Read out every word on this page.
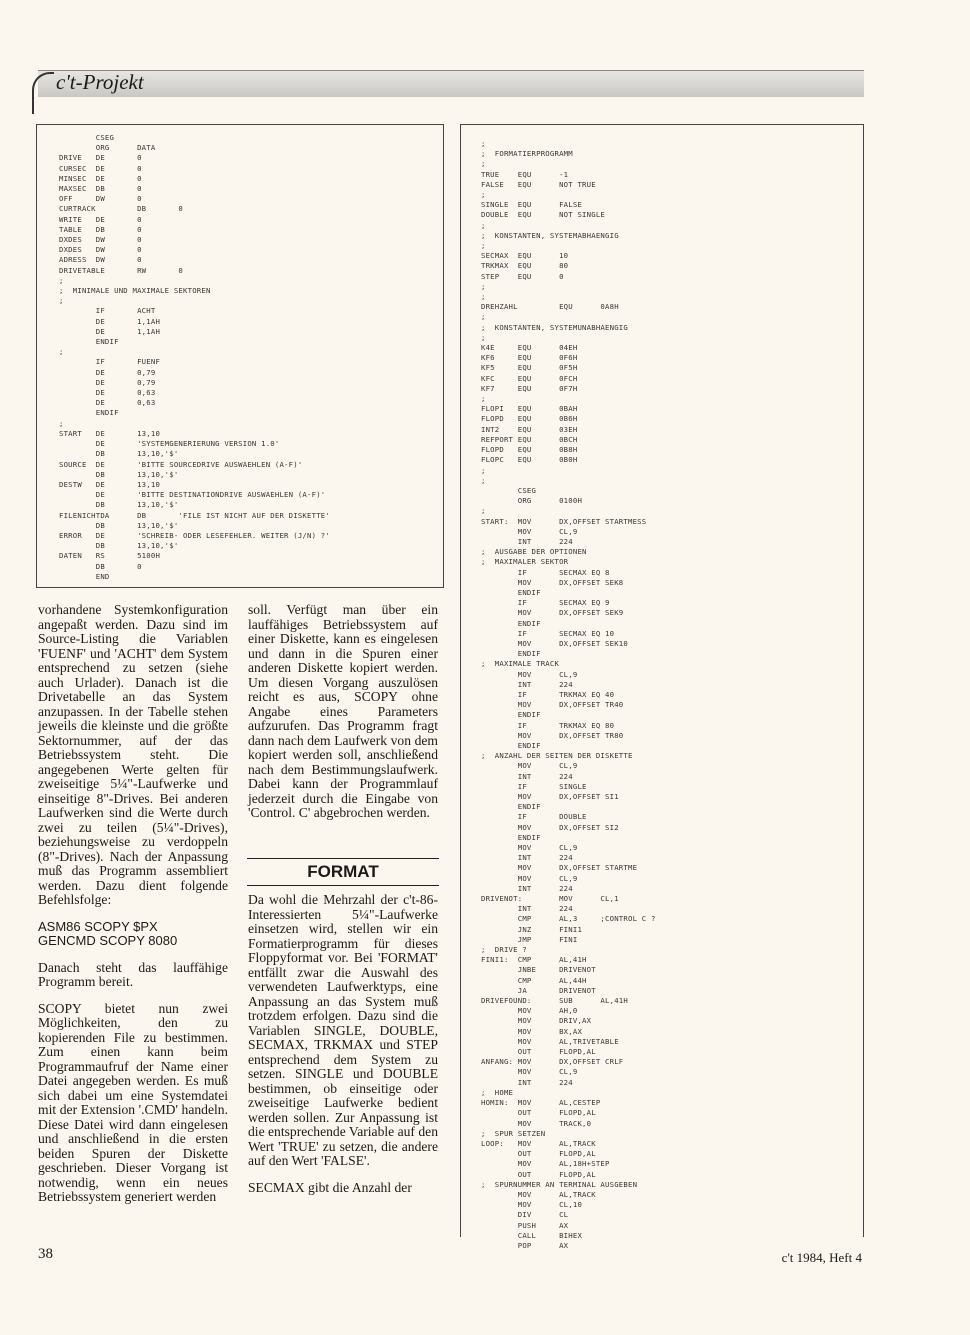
c't-Projekt
CSEG
ORG      DATA
DRIVE   DE       0
CURSEC  DE       0
MINSEC  DE       0
MAXSEC  DB       0
OFF     DW       0
CURTRACK         DB       0
WRITE   DE       0
TABLE   DB       0
DXDES   DW       0
DXDES   DW       0
ADRESS  DW       0
DRIVETABLE       RW       0
;
;  MINIMALE UND MAXIMALE SEKTOREN
;
IF       ACHT
DE       1,1AH
DE       1,1AH
ENDIF
;
IF       FUENF
DE       0,79
DE       0,79
DE       0,63
DE       0,63
ENDIF
;
START   DE       13,10
DE       'SYSTEMGENERIERUNG VERSION 1.0'
DB       13,10,'$'
SOURCE  DE       'BITTE SOURCEDRIVE AUSWAEHLEN (A-F)'
DB       13,10,'$'
DESTW   DE       13,10
DE       'BITTE DESTINATIONDRIVE AUSWAEHLEN (A-F)'
DB       13,10,'$'
FILENICHTDA      DB       'FILE IST NICHT AUF DER DISKETTE'
DB       13,10,'$'
ERROR   DE       'SCHREIB- ODER LESEFEHLER. WEITER (J/N) ?'
DB       13,10,'$'
DATEN   RS       5100H
DB       0
END
;
;  FORMATIERPROGRAMM
;
TRUE    EQU      -1
FALSE   EQU      NOT TRUE
;
SINGLE  EQU      FALSE
DOUBLE  EQU      NOT SINGLE
;
;  KONSTANTEN, SYSTEMABHAENGIG
;
SECMAX  EQU      10
TRKMAX  EQU      80
STEP    EQU      0
;
;
DREHZAHL         EQU      0A8H
;
;  KONSTANTEN, SYSTEMUNABHAENGIG
;
K4E     EQU      04EH
KF6     EQU      0F6H
KF5     EQU      0F5H
KFC     EQU      0FCH
KF7     EQU      0F7H
;
FLOPI   EQU      0BAH
FLOPD   EQU      0B6H
INT2    EQU      03EH
REFPORT EQU      0BCH
FLOPD   EQU      0B8H
FLOPC   EQU      0B0H
;
;
CSEG
ORG      0100H
;
START:  MOV      DX,OFFSET STARTMESS
MOV      CL,9
INT      224
;  AUSGABE DER OPTIONEN
;  MAXIMALER SEKTOR
IF       SECMAX EQ 8
MOV      DX,OFFSET SEK8
ENDIF
IF       SECMAX EQ 9
MOV      DX,OFFSET SEK9
ENDIF
IF       SECMAX EQ 10
MOV      DX,OFFSET SEK10
ENDIF
;  MAXIMALE TRACK
MOV      CL,9
INT      224
IF       TRKMAX EQ 40
MOV      DX,OFFSET TR40
ENDIF
IF       TRKMAX EQ 80
MOV      DX,OFFSET TR80
ENDIF
;  ANZAHL DER SEITEN DER DISKETTE
MOV      CL,9
INT      224
IF       SINGLE
MOV      DX,OFFSET SI1
ENDIF
IF       DOUBLE
MOV      DX,OFFSET SI2
ENDIF
MOV      CL,9
INT      224
MOV      DX,OFFSET STARTME
MOV      CL,9
INT      224
DRIVENOT:        MOV      CL,1
INT      224
CMP      AL,3     ;CONTROL C ?
JNZ      FINI1
JMP      FINI
;  DRIVE ?
FINI1:  CMP      AL,41H
JNBE     DRIVENOT
CMP      AL,44H
JA       DRIVENOT
DRIVEFOUND:      SUB      AL,41H
MOV      AH,0
MOV      DRIV,AX
MOV      BX,AX
MOV      AL,TRIVETABLE
OUT      FLOPD,AL
ANFANG: MOV      DX,OFFSET CRLF
MOV      CL,9
INT      224
;  HOME
HOMIN:  MOV      AL,CESTEP
OUT      FLOPD,AL
MOV      TRACK,0
;  SPUR SETZEN
LOOP:   MOV      AL,TRACK
OUT      FLOPD,AL
MOV      AL,18H+STEP
OUT      FLOPD,AL
;  SPURNUMMER AN TERMINAL AUSGEBEN
MOV      AL,TRACK
MOV      CL,10
DIV      CL
PUSH     AX
CALL     BIHEX
POP      AX

vorhandene Systemkonfiguration angepaßt werden. Dazu sind im Source-Listing die Variablen 'FUENF' und 'ACHT' dem System entsprechend zu setzen (siehe auch Urlader). Danach ist die Drivetabelle an das System anzupassen. In der Tabelle stehen jeweils die kleinste und die größte Sektornummer, auf der das Betriebssystem steht. Die angegebenen Werte gelten für zweiseitige 5¼"-Laufwerke und einseitige 8"-Drives. Bei anderen Laufwerken sind die Werte durch zwei zu teilen (5¼"-Drives), beziehungsweise zu verdoppeln (8"-Drives). Nach der Anpassung muß das Programm assembliert werden. Dazu dient folgende Befehlsfolge:

ASM86 SCOPY $PX

GENCMD SCOPY 8080

Danach steht das lauffähige Programm bereit.

SCOPY bietet nun zwei Möglichkeiten, den zu kopierenden File zu bestimmen. Zum einen kann beim Programmaufruf der Name einer Datei angegeben werden. Es muß sich dabei um eine Systemdatei mit der Extension '.CMD' handeln. Diese Datei wird dann eingelesen und anschließend in die ersten beiden Spuren der Diskette geschrieben. Dieser Vorgang ist notwendig, wenn ein neues Betriebssystem generiert werden

soll. Verfügt man über ein lauffähiges Betriebssystem auf einer Diskette, kann es eingelesen und dann in die Spuren einer anderen Diskette kopiert werden. Um diesen Vorgang auszulösen reicht es aus, SCOPY ohne Angabe eines Parameters aufzurufen. Das Programm fragt dann nach dem Laufwerk von dem kopiert werden soll, anschließend nach dem Bestimmungslaufwerk. Dabei kann der Programmlauf jederzeit durch die Eingabe von 'Control. C' abgebrochen werden.

FORMAT

Da wohl die Mehrzahl der c't-86-Interessierten 5¼"-Laufwerke einsetzen wird, stellen wir ein Formatierprogramm für dieses Floppyformat vor. Bei 'FORMAT' entfällt zwar die Auswahl des verwendeten Laufwerktyps, eine Anpassung an das System muß trotzdem erfolgen. Dazu sind die Variablen SINGLE, DOUBLE, SECMAX, TRKMAX und STEP entsprechend dem System zu setzen. SINGLE und DOUBLE bestimmen, ob einseitige oder zweiseitige Laufwerke bedient werden sollen. Zur Anpassung ist die entsprechende Variable auf den Wert 'TRUE' zu setzen, die andere auf den Wert 'FALSE'.

SECMAX gibt die Anzahl der

38	c't 1984, Heft 4
